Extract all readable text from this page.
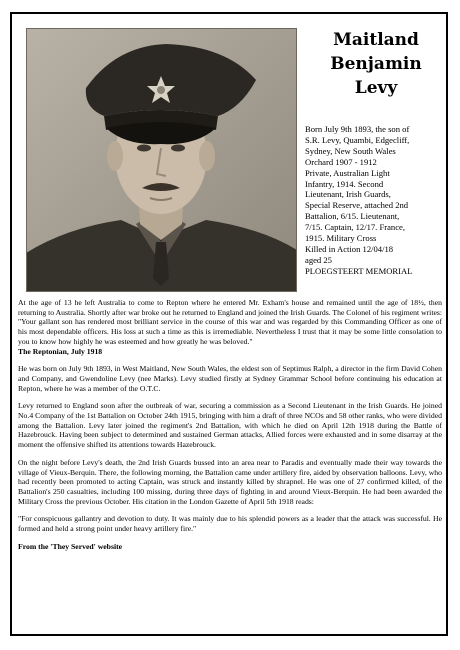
Maitland
Benjamin
Levy
Born July 9th 1893, the son of
S.R. Levy, Quambi, Edgecliff,
Sydney, New South Wales
Orchard 1907 - 1912
Private, Australian Light
Infantry, 1914. Second
Lieutenant, Irish Guards,
Special Reserve, attached 2nd
Battalion, 6/15. Lieutenant,
7/15. Captain, 12/17. France,
1915. Military Cross
Killed in Action 12/04/18
aged 25
PLOEGSTEERT MEMORIAL

At the age of 13 he left Australia to come to Repton where he entered Mr. Exham's house and remained until the age of 18½, then returning to Australia. Shortly after war broke out he returned to England and joined the Irish Guards. The Colonel of his regiment writes: "Your gallant son has rendered most brilliant service in the course of this war and was regarded by this Commanding Officer as one of his most dependable officers. His loss at such a time as this is irremediable. Nevertheless I trust that it may be some little consolation to you to know how highly he was esteemed and how greatly he was beloved."

The Reptonian, July 1918

He was born on July 9th 1893, in West Maitland, New South Wales, the eldest son of Septimus Ralph, a director in the firm David Cohen and Company, and Gwendoline Levy (nee Marks). Levy studied firstly at Sydney Grammar School before continuing his education at Repton, where he was a member of the O.T.C.

Levy returned to England soon after the outbreak of war, securing a commission as a Second Lieutenant in the Irish Guards. He joined No.4 Company of the 1st Battalion on October 24th 1915, bringing with him a draft of three NCOs and 58 other ranks, who were divided among the Battalion. Levy later joined the regiment's 2nd Battalion, with which he died on April 12th 1918 during the Battle of Hazebrouck. Having been subject to determined and sustained German attacks, Allied forces were exhausted and in some disarray at the moment the offensive shifted its attentions towards Hazebrouck.

On the night before Levy's death, the 2nd Irish Guards bussed into an area near to Paradis and eventually made their way towards the village of Vieux-Berquin. There, the following morning, the Battalion came under artillery fire, aided by observation balloons. Levy, who had recently been promoted to acting Captain, was struck and instantly killed by shrapnel. He was one of 27 confirmed killed, of the Battalion's 250 casualties, including 100 missing, during three days of fighting in and around Vieux-Berquin. He had been awarded the Military Cross the previous October. His citation in the London Gazette of April 5th 1918 reads:

"For conspicuous gallantry and devotion to duty. It was mainly due to his splendid powers as a leader that the attack was successful. He formed and held a strong point under heavy artillery fire."

From the 'They Served' website
